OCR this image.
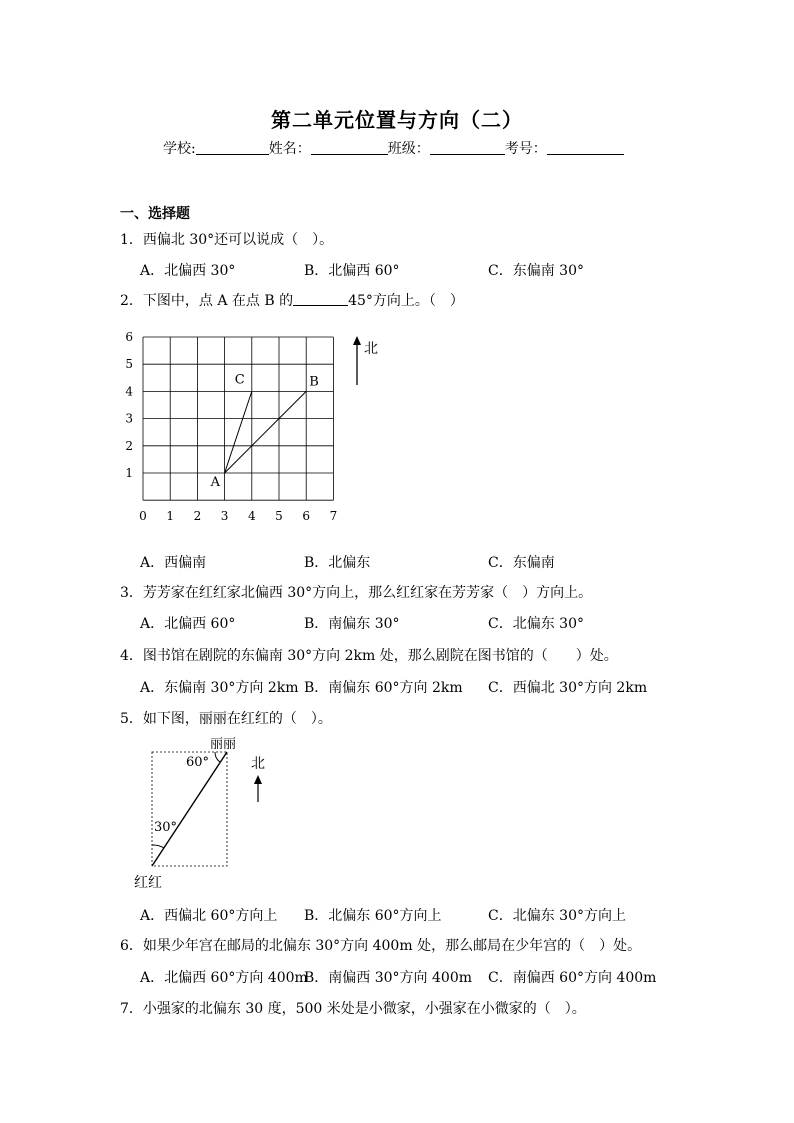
第二单元位置与方向（二）
学校:	姓名：	班级：	考号：
一、选择题
1．西偏北 30°还可以说成（　）。
A．北偏西 30°	B．北偏西 60°	C．东偏南 30°
2．下图中，点 A 在点 B 的	45°方向上。（　）
0 1 2 3 4 5 6 7
1
2
3
4
5
6
A
B
C
北
A．西偏南	B．北偏东	C．东偏南
3．芳芳家在红红家北偏西 30°方向上，那么红红家在芳芳家（　）方向上。
A．北偏西 60°	B．南偏东 30°	C．北偏东 30°
4．图书馆在剧院的东偏南 30°方向 2km 处，那么剧院在图书馆的（　　）处。
A．东偏南 30°方向 2km B．南偏东 60°方向 2km C．西偏北 30°方向 2km
5．如下图，丽丽在红红的（　）。
丽丽
60°
30°
红红
北
A．西偏北 60°方向上 B．北偏东 60°方向上	C．北偏东 30°方向上
6．如果少年宫在邮局的北偏东 30°方向 400m 处，那么邮局在少年宫的（　）处。
A．北偏西 60°方向 400m
B．南偏西 30°方向 400m C．南偏西 60°方向 400m
7．小强家的北偏东 30 度，500 米处是小微家，小强家在小微家的（　）。
